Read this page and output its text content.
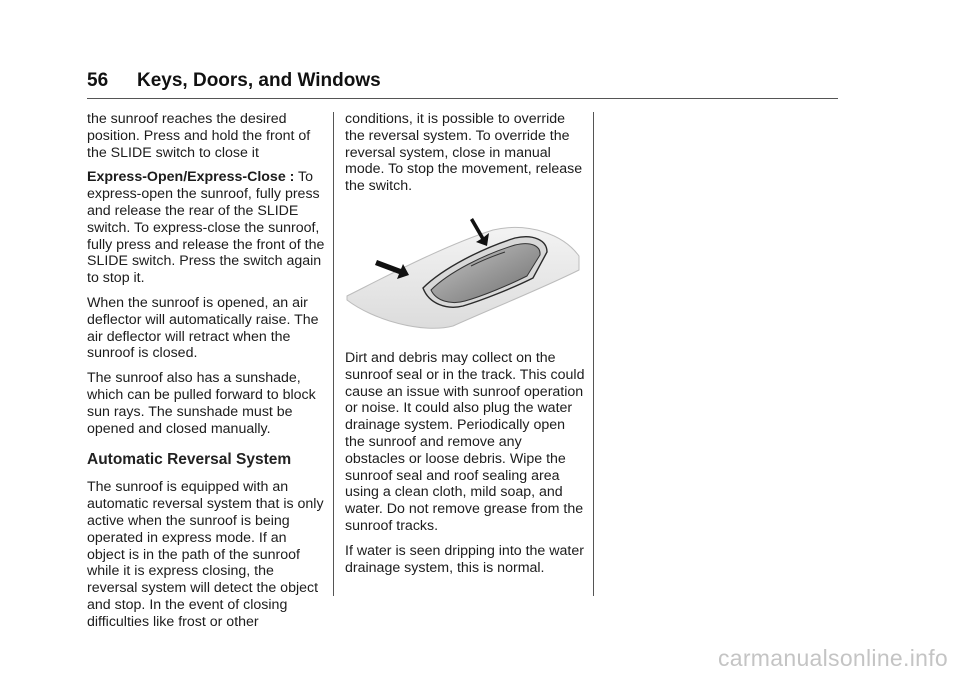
56 Keys, Doors, and Windows

the sunroof reaches the desired position. Press and hold the front of the SLIDE switch to close it

Express-Open/Express-Close : To express-open the sunroof, fully press and release the rear of the SLIDE switch. To express-close the sunroof, fully press and release the front of the SLIDE switch. Press the switch again to stop it.

When the sunroof is opened, an air deflector will automatically raise. The air deflector will retract when the sunroof is closed.

The sunroof also has a sunshade, which can be pulled forward to block sun rays. The sunshade must be opened and closed manually.

Automatic Reversal System

The sunroof is equipped with an automatic reversal system that is only active when the sunroof is being operated in express mode. If an object is in the path of the sunroof while it is express closing, the reversal system will detect the object and stop. In the event of closing difficulties like frost or other

conditions, it is possible to override the reversal system. To override the reversal system, close in manual mode. To stop the movement, release the switch.

Dirt and debris may collect on the sunroof seal or in the track. This could cause an issue with sunroof operation or noise. It could also plug the water drainage system. Periodically open the sunroof and remove any obstacles or loose debris. Wipe the sunroof seal and roof sealing area using a clean cloth, mild soap, and water. Do not remove grease from the sunroof tracks.

If water is seen dripping into the water drainage system, this is normal.

carmanualsonline.info
